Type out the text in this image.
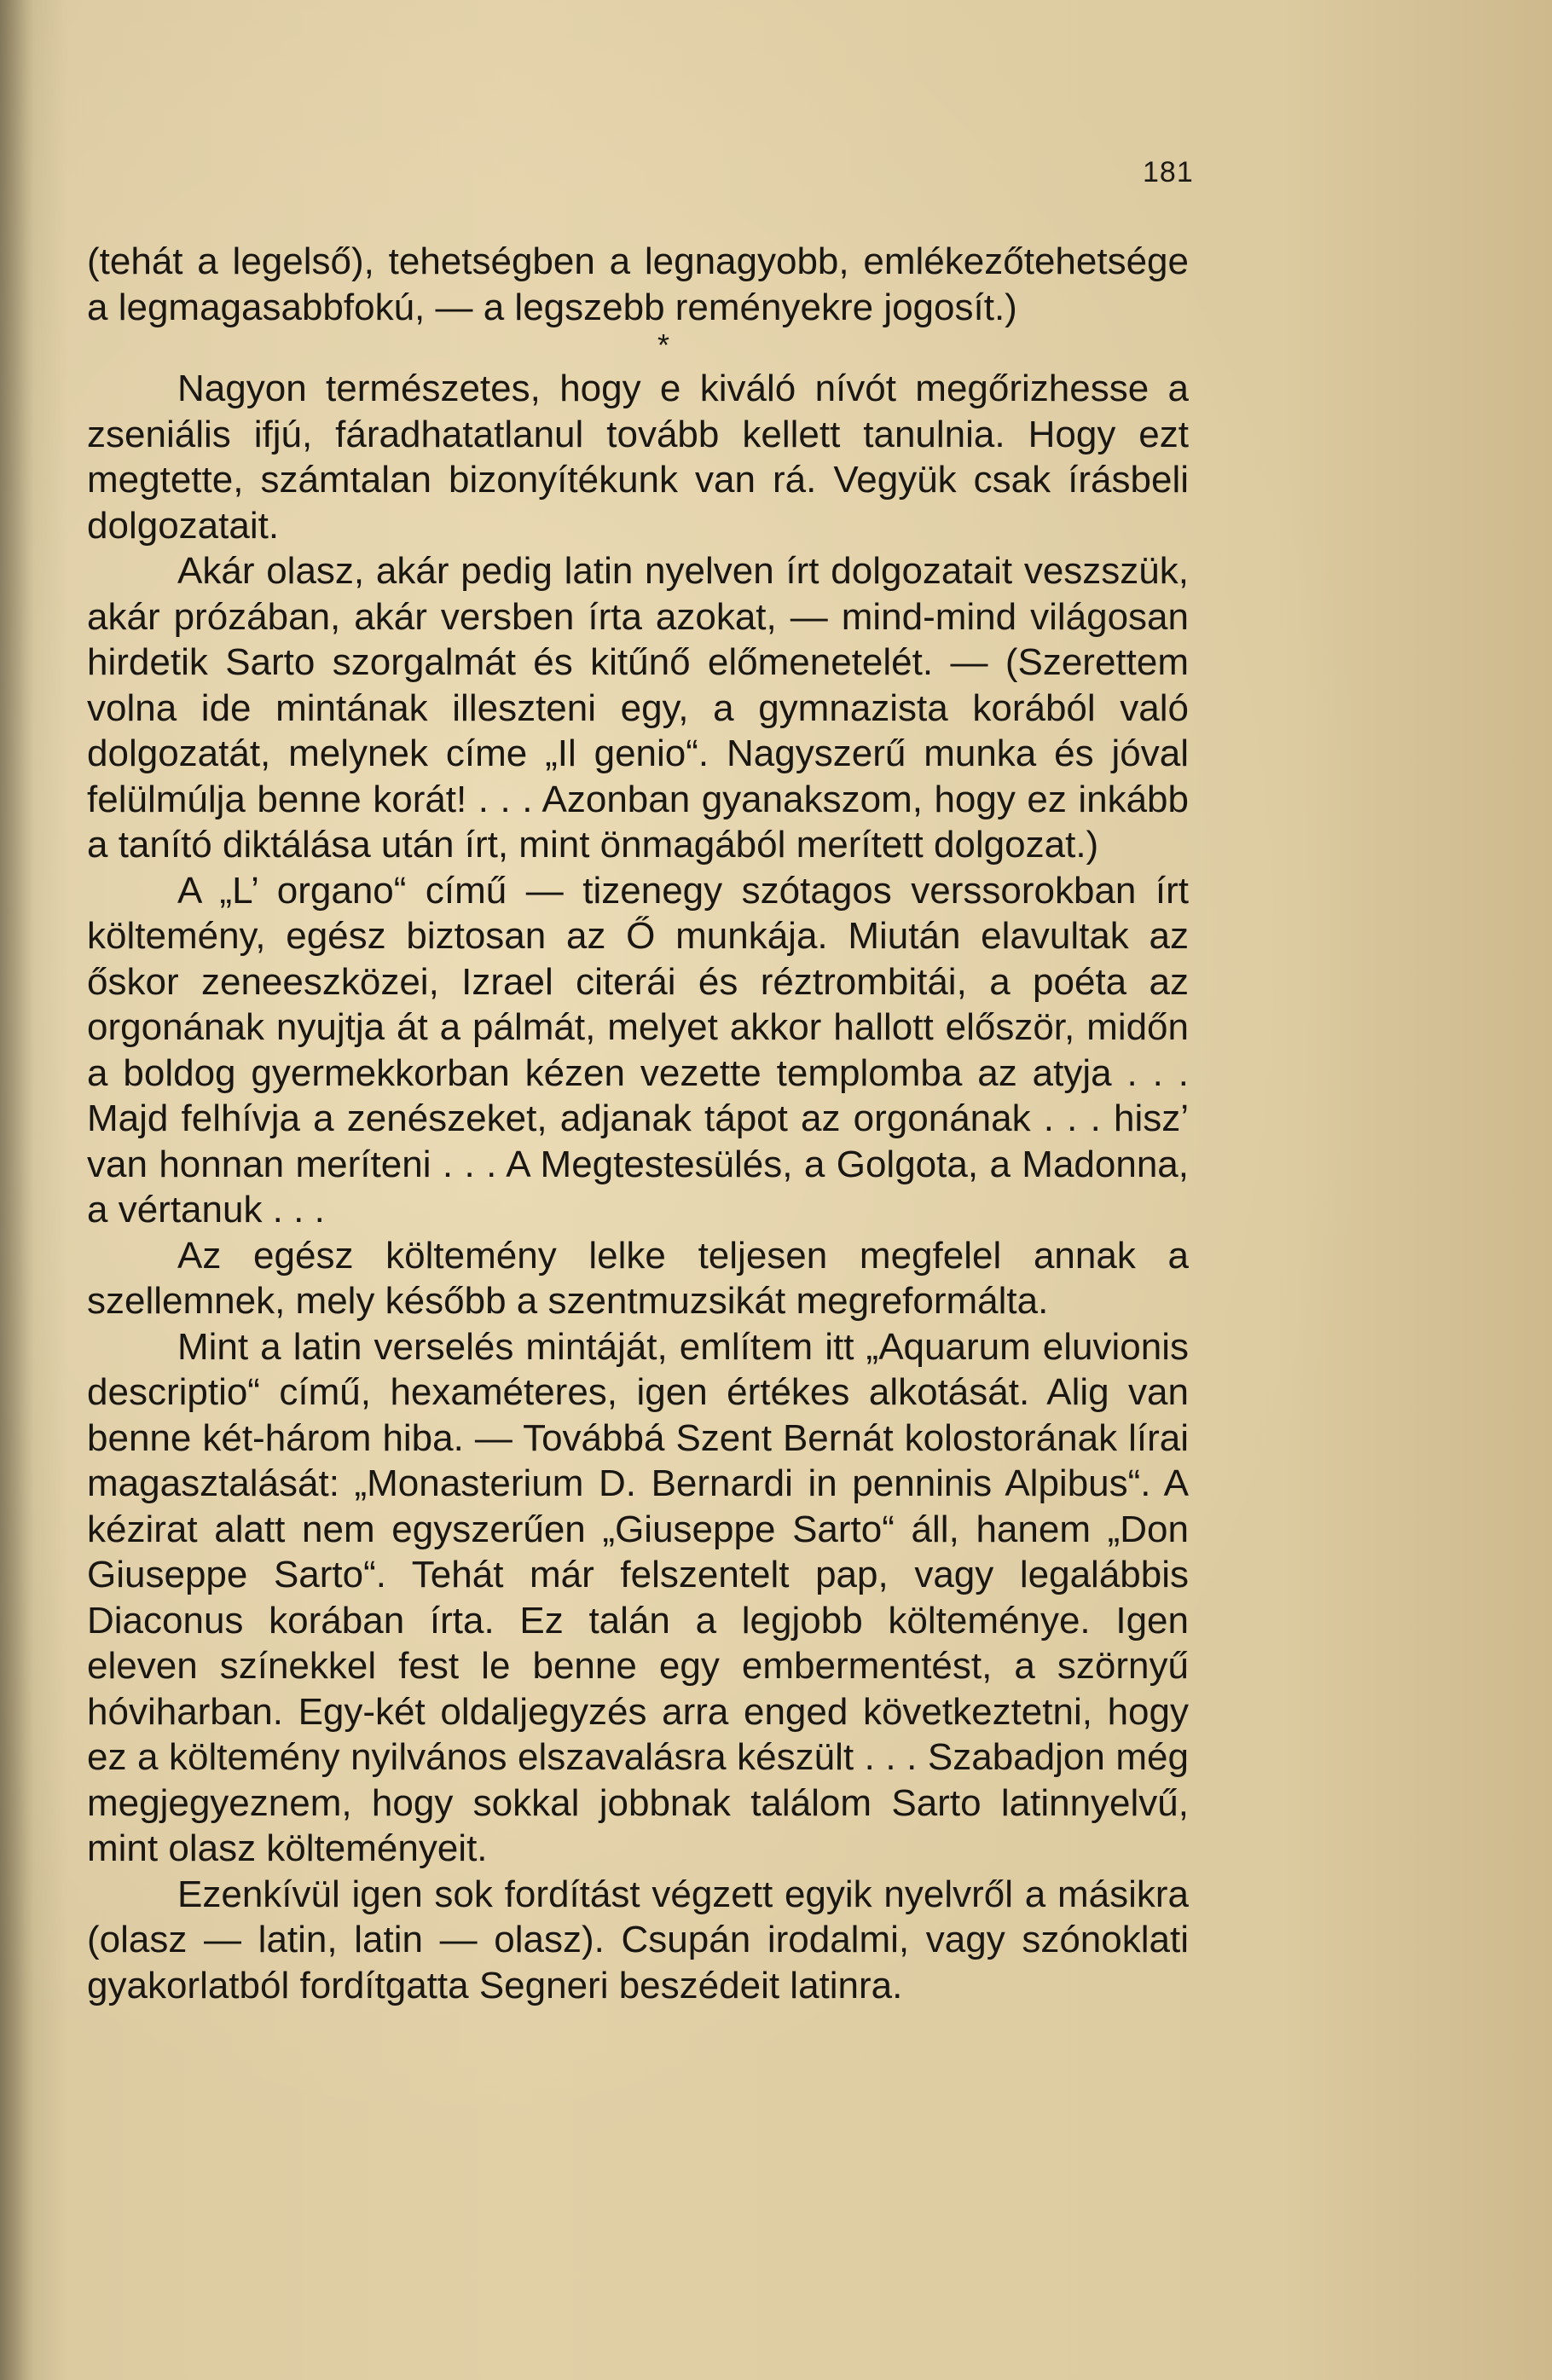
181

(tehát a legelső), tehetségben a legnagyobb, emlékezőtehetsége a legmagasabbfokú, — a legszebb reményekre jogosít.)

*

Nagyon természetes, hogy e kiváló nívót megőrizhesse a zseniális ifjú, fáradhatatlanul tovább kellett tanulnia. Hogy ezt megtette, számtalan bizonyítékunk van rá. Vegyük csak írásbeli dolgozatait.

Akár olasz, akár pedig latin nyelven írt dolgozatait veszszük, akár prózában, akár versben írta azokat, — mind-mind világosan hirdetik Sarto szorgalmát és kitűnő előmenetelét. — (Szerettem volna ide mintának illeszteni egy, a gymnazista korából való dolgozatát, melynek címe „Il genio“. Nagyszerű munka és jóval felülmúlja benne korát! . . . Azonban gyanakszom, hogy ez inkább a tanító diktálása után írt, mint önmagából merített dolgozat.)

A „L’ organo“ című — tizenegy szótagos verssorokban írt költemény, egész biztosan az Ő munkája. Miután elavultak az őskor zeneeszközei, Izrael citerái és réztrombitái, a poéta az orgonának nyujtja át a pálmát, melyet akkor hallott először, midőn a boldog gyermekkorban kézen vezette templomba az atyja . . . Majd felhívja a zenészeket, adjanak tápot az orgonának . . . hisz’ van honnan meríteni . . . A Megtestesülés, a Golgota, a Madonna, a vértanuk . . .

Az egész költemény lelke teljesen megfelel annak a szellemnek, mely később a szentmuzsikát megreformálta.

Mint a latin verselés mintáját, említem itt „Aquarum eluvionis descriptio“ című, hexaméteres, igen értékes alkotását. Alig van benne két-három hiba. — Továbbá Szent Bernát kolostorának lírai magasztalását: „Monasterium D. Bernardi in penninis Alpibus“. A kézirat alatt nem egyszerűen „Giuseppe Sarto“ áll, hanem „Don Giuseppe Sarto“. Tehát már felszentelt pap, vagy legalábbis Diaconus korában írta. Ez talán a legjobb költeménye. Igen eleven színekkel fest le benne egy embermentést, a szörnyű hóviharban. Egy-két oldaljegyzés arra enged következtetni, hogy ez a költemény nyilvános elszavalásra készült . . . Szabadjon még megjegyeznem, hogy sokkal jobbnak találom Sarto latinnyelvű, mint olasz költeményeit.

Ezenkívül igen sok fordítást végzett egyik nyelvről a másikra (olasz — latin, latin — olasz). Csupán irodalmi, vagy szónoklati gyakorlatból fordítgatta Segneri beszédeit latinra.
